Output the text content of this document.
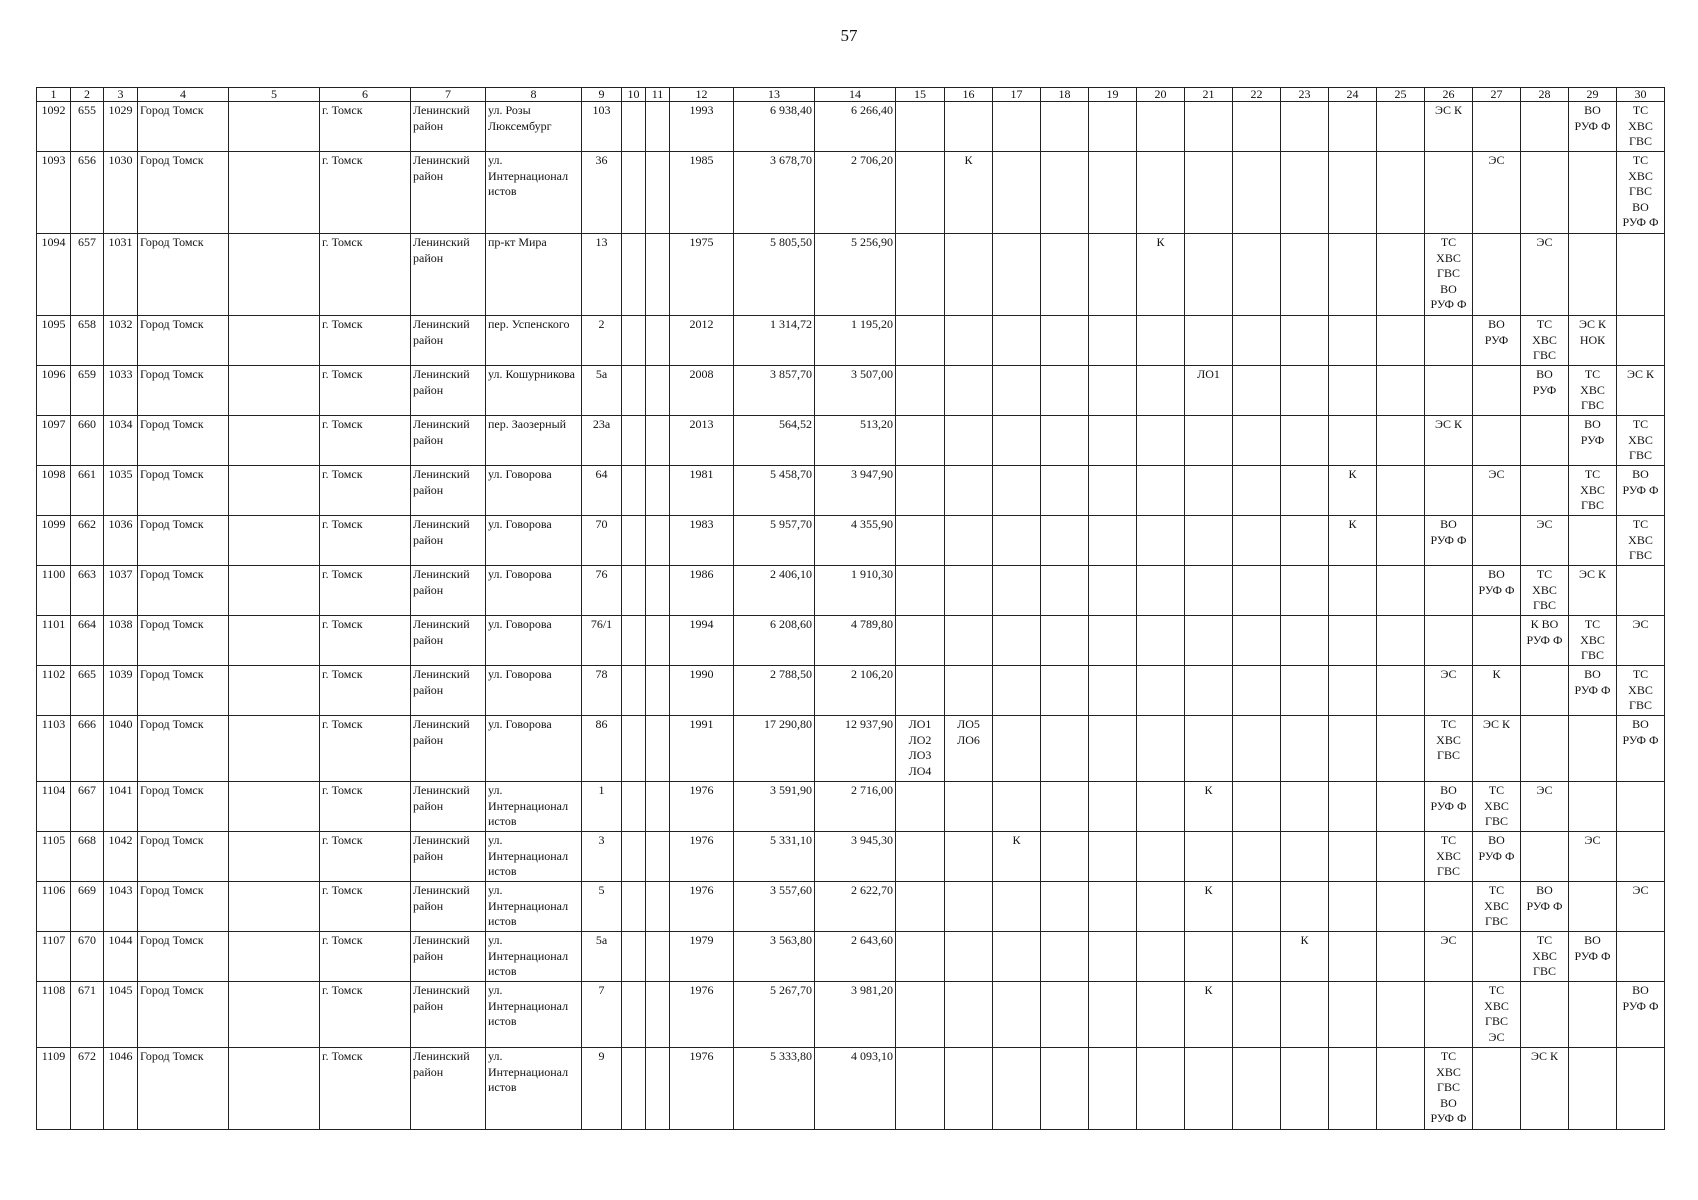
57
1	2	3	4	5	6	7	8	9	10	11	12	13	14	15	16	17	18	19	20	21	22	23	24	25	26	27	28	29	30
1092	655	1029	Город Томск		г. Томск	Ленинский район	ул. Розы Люксембург	103			1993	6 938,40	6 266,40												ЭС К			ВО
РУФ Ф	ТС
ХВС
ГВС
1093	656	1030	Город Томск		г. Томск	Ленинский район	ул. Интернационал истов	36			1985	3 678,70	2 706,20		К											ЭС			ТС
ХВС
ГВС
ВО
РУФ Ф
1094	657	1031	Город Томск		г. Томск	Ленинский район	пр-кт Мира	13			1975	5 805,50	5 256,90						К						ТС
ХВС
ГВС
ВО
РУФ Ф		ЭС		
1095	658	1032	Город Томск		г. Томск	Ленинский район	пер. Успенского	2			2012	1 314,72	1 195,20													ВО
РУФ	ТС
ХВС
ГВС	ЭС К
НОК	
1096	659	1033	Город Томск		г. Томск	Ленинский район	ул. Кошурникова	5а			2008	3 857,70	3 507,00							ЛО1							ВО
РУФ	ТС
ХВС
ГВС	ЭС К
1097	660	1034	Город Томск		г. Томск	Ленинский район	пер. Заозерный	23а			2013	564,52	513,20												ЭС К			ВО
РУФ	ТС
ХВС
ГВС
1098	661	1035	Город Томск		г. Томск	Ленинский район	ул. Говорова	64			1981	5 458,70	3 947,90										К			ЭС		ТС
ХВС
ГВС	ВО
РУФ Ф
1099	662	1036	Город Томск		г. Томск	Ленинский район	ул. Говорова	70			1983	5 957,70	4 355,90										К		ВО
РУФ Ф		ЭС		ТС
ХВС
ГВС
1100	663	1037	Город Томск		г. Томск	Ленинский район	ул. Говорова	76			1986	2 406,10	1 910,30													ВО
РУФ Ф	ТС
ХВС
ГВС	ЭС К	
1101	664	1038	Город Томск		г. Томск	Ленинский район	ул. Говорова	76/1			1994	6 208,60	4 789,80														К ВО
РУФ Ф	ТС
ХВС
ГВС	ЭС
1102	665	1039	Город Томск		г. Томск	Ленинский район	ул. Говорова	78			1990	2 788,50	2 106,20												ЭС	К		ВО
РУФ Ф	ТС
ХВС
ГВС
1103	666	1040	Город Томск		г. Томск	Ленинский район	ул. Говорова	86			1991	17 290,80	12 937,90	ЛО1
ЛО2
ЛО3
ЛО4	ЛО5
ЛО6										ТС
ХВС
ГВС	ЭС К			ВО
РУФ Ф
1104	667	1041	Город Томск		г. Томск	Ленинский район	ул. Интернационал истов	1			1976	3 591,90	2 716,00							К					ВО
РУФ Ф	ТС
ХВС
ГВС	ЭС		
1105	668	1042	Город Томск		г. Томск	Ленинский район	ул. Интернационал истов	3			1976	5 331,10	3 945,30			К									ТС
ХВС
ГВС	ВО
РУФ Ф		ЭС	
1106	669	1043	Город Томск		г. Томск	Ленинский район	ул. Интернационал истов	5			1976	3 557,60	2 622,70							К						ТС
ХВС
ГВС	ВО
РУФ Ф		ЭС
1107	670	1044	Город Томск		г. Томск	Ленинский район	ул. Интернационал истов	5а			1979	3 563,80	2 643,60									К			ЭС		ТС
ХВС
ГВС	ВО
РУФ Ф	
1108	671	1045	Город Томск		г. Томск	Ленинский район	ул. Интернационал истов	7			1976	5 267,70	3 981,20							К						ТС
ХВС
ГВС
ЭС			ВО
РУФ Ф
1109	672	1046	Город Томск		г. Томск	Ленинский район	ул. Интернационал истов	9			1976	5 333,80	4 093,10												ТС
ХВС
ГВС
ВО
РУФ Ф		ЭС К		
